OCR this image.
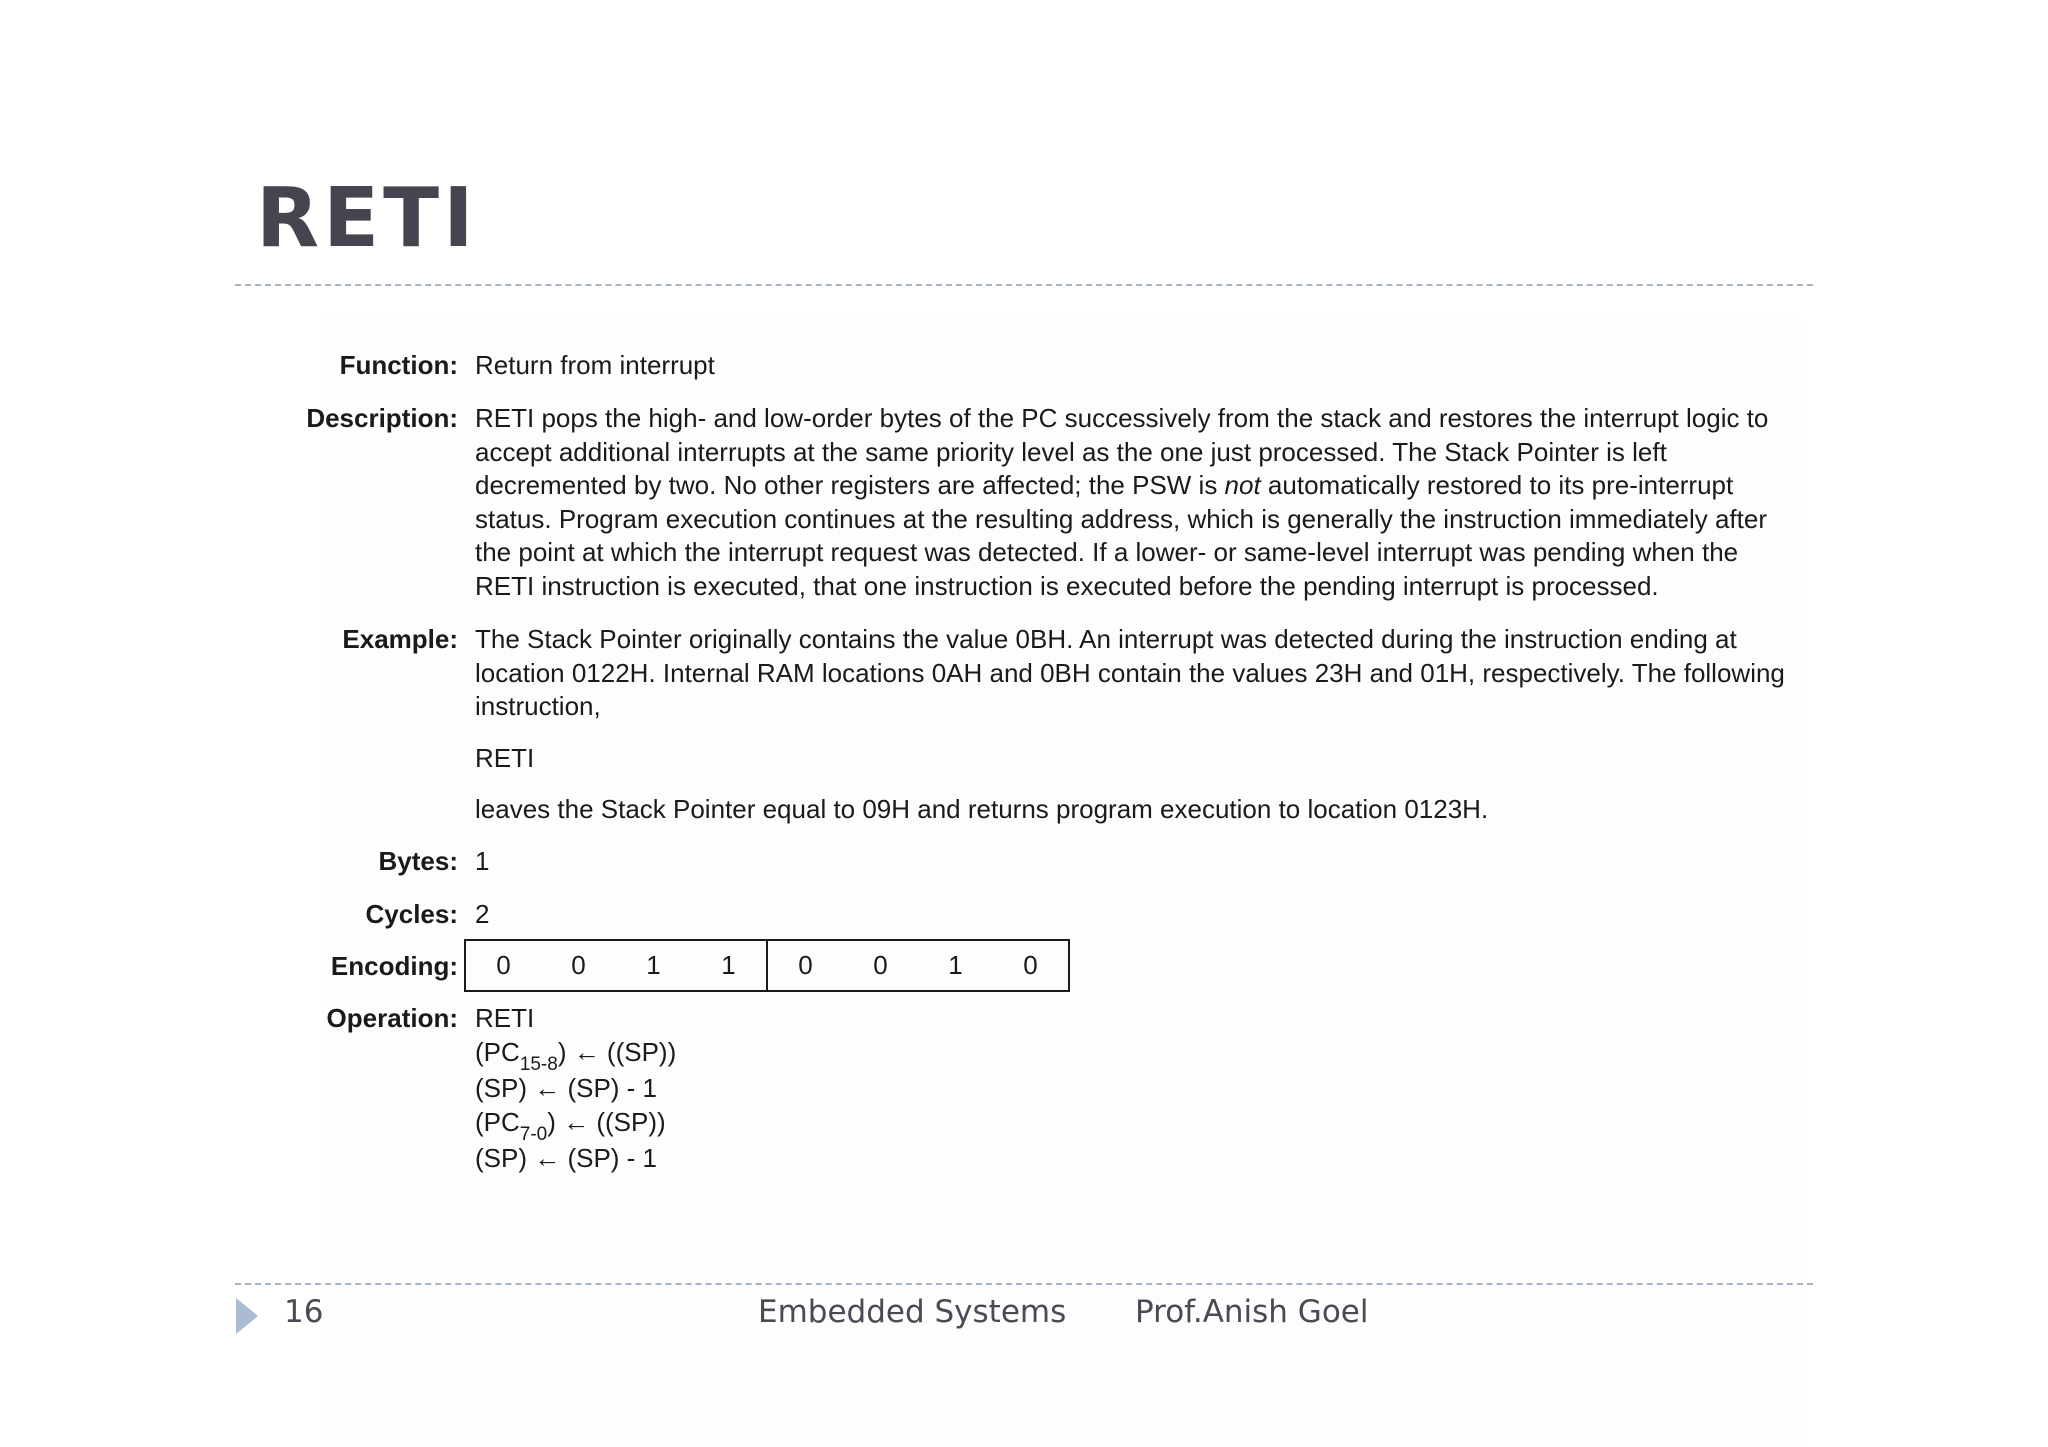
RETI
Function: Return from interrupt
Description: RETI pops the high- and low-order bytes of the PC successively from the stack and restores the interrupt logic to
accept additional interrupts at the same priority level as the one just processed. The Stack Pointer is left
decremented by two. No other registers are affected; the PSW is not automatically restored to its pre-interrupt
status. Program execution continues at the resulting address, which is generally the instruction immediately after
the point at which the interrupt request was detected. If a lower- or same-level interrupt was pending when the
RETI instruction is executed, that one instruction is executed before the pending interrupt is processed.
Example: The Stack Pointer originally contains the value 0BH. An interrupt was detected during the instruction ending at location 0122H. Internal RAM locations 0AH and 0BH contain the values 23H and 01H, respectively. The following instruction,

RETI

leaves the Stack Pointer equal to 09H and returns program execution to location 0123H.

Bytes: 1
Cycles: 2
Encoding: 0	0	1	1	0	0	1	0
Operation: RETI
$(PC_{15-8})$ ← ((SP))
(SP) ← (SP) - 1
$(PC_{7-0})$ ← ((SP))
(SP) ← (SP) - 1
16	Embedded Systems Prof.Anish Goel
